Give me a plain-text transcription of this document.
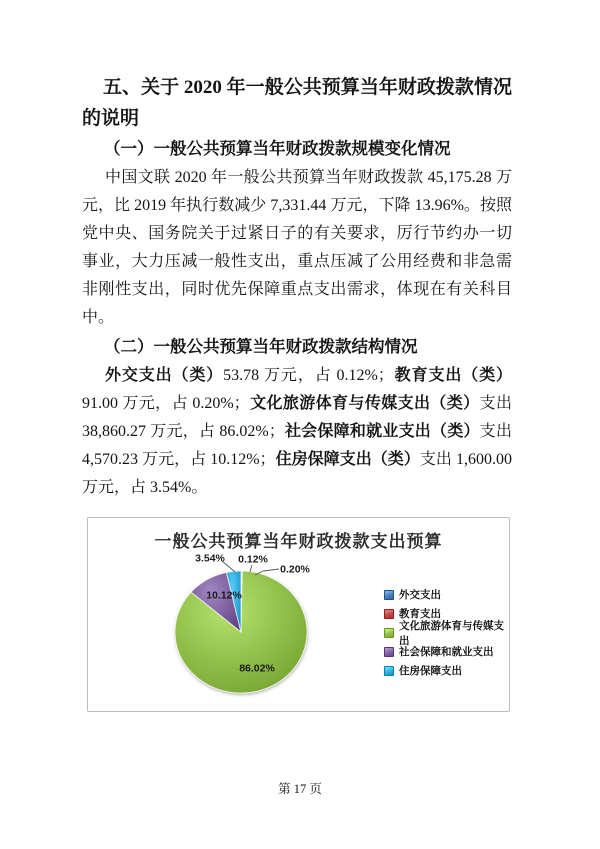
五、关于 2020 年一般公共预算当年财政拨款情况的说明

（一）一般公共预算当年财政拨款规模变化情况

中国文联 2020 年一般公共预算当年财政拨款 45,175.28 万元，比 2019 年执行数减少 7,331.44 万元，下降 13.96%。按照党中央、国务院关于过紧日子的有关要求，厉行节约办一切事业，大力压减一般性支出，重点压减了公用经费和非急需非刚性支出，同时优先保障重点支出需求，体现在有关科目中。

（二）一般公共预算当年财政拨款结构情况

外交支出（类）53.78 万元，占 0.12%；教育支出（类）91.00 万元，占 0.20%；文化旅游体育与传媒支出（类）支出 38,860.27 万元，占 86.02%；社会保障和就业支出（类）支出 4,570.23 万元，占 10.12%；住房保障支出（类）支出 1,600.00 万元，占 3.54%。

一般公共预算当年财政拨款支出预算
0.12%
0.20%
86.02%
10.12%
3.54%
外交支出
教育支出
文化旅游体育与传媒支出
社会保障和就业支出
住房保障支出
第 17 页
